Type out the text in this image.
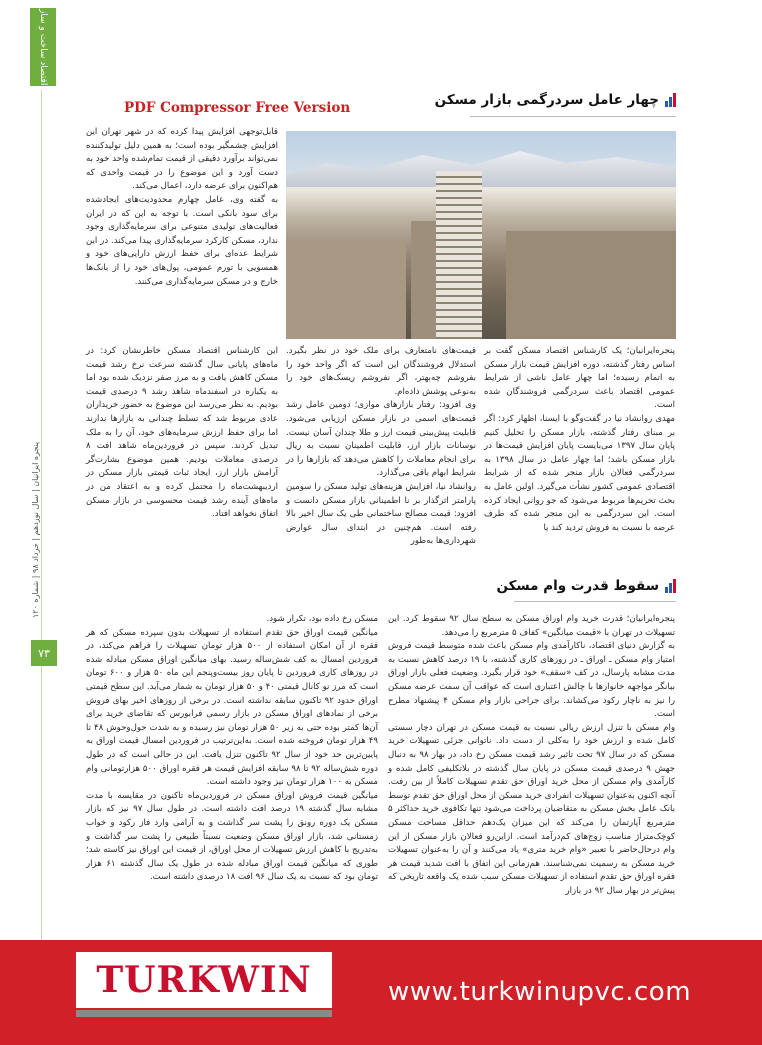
اقتصاد ساخت و ساز
پنجره ایرانیان | سال نوزدهم | خرداد ۹۸ | شماره ۱۲۰
۷۳
PDF Compressor Free Version	چهار عامل سردرگمی بازار مسکن

پنجره‌ایرانیان؛ یک کارشناس اقتصاد مسکن گفت بر اساس رفتار گذشته، دوره افزایش قیمت بازار مسکن به اتمام رسیده؛ اما چهار عامل ناشی از شرایط عمومی اقتصاد باعث سردرگمی فروشندگان شده است.

مهدی روانشاد نیا در گفت‌وگو با ایسنا، اظهار کرد: اگر بر مبنای رفتار گذشته، بازار مسکن را تحلیل کنیم پایان سال ۱۳۹۷ می‌بایست پایان افزایش قیمت‌ها در بازار مسکن باشد؛ اما چهار عامل در سال ۱۳۹۸ به سردرگمی فعالان بازار منجر شده که از شرایط اقتصادی عمومی کشور نشأت می‌گیرد. اولین عامل به بحث تحریم‌ها مربوط می‌شود که جو روانی ایجاد کرده است. این سردرگمی به این منجر شده که طرف عرضه با نسبت به فروش تردید کند یا

قیمت‌های نامتعارف برای ملک خود در نظر بگیرد. استدلال فروشندگان این است که اگر واحد خود را بفروشم چه‌بهتر، اگر نفروشم ریسک‌های خود را به‌نوعی پوشش داده‌ام.

وی افزود: رفتار بازارهای موازی؛ دومین عامل رشد قیمت‌های اسمی در بازار مسکن ارزیابی می‌شود. قابلیت پیش‌بینی قیمت ارز و طلا چندان آسان نیست. نوسانات بازار ارز، قابلیت اطمینان نسبت به ریال برای انجام معاملات را کاهش می‌دهد که بازارها را در شرایط ابهام باقی می‌گذارد.

روانشاد نیا، افزایش هزینه‌های تولید مسکن را سومین پارامتر اثرگذار بر نا اطمینانی بازار مسکن دانست و افزود: قیمت مصالح ساختمانی طی یک سال اخیر بالا رفته است. هم‌چنین در ابتدای سال عوارض شهرداری‌ها به‌طور

قابل‌توجهی افزایش پیدا کرده که در شهر تهران این افزایش چشمگیر بوده است؛ به همین دلیل تولیدکننده نمی‌تواند برآورد دقیقی از قیمت تمام‌شده واحد خود به دست آورد و این موضوع را در قیمت واحدی که هم‌اکنون برای عرضه دارد، اعمال می‌کند.

به گفته وی، عامل چهارم محدودیت‌های ایجاد‌شده برای سود بانکی است. با توجه به این که در ایران فعالیت‌های تولیدی متنوعی برای سرمایه‌گذاری وجود ندارد، مسکن کارکرد سرمایه‌گذاری پیدا می‌کند. در این شرایط عده‌ای برای حفظ ارزش دارایی‌های خود و همسویی با تورم عمومی، پول‌های خود را از بانک‌ها خارج و در مسکن سرمایه‌گذاری می‌کنند.

این کارشناس اقتصاد مسکن خاطرنشان کرد: در ماه‌های پایانی سال گذشته سرعت نرخ رشد قیمت مسکن کاهش یافت و به مرز صفر نزدیک شده بود اما به یکباره در اسفندماه شاهد رشد ۹ درصدی قیمت بودیم. به نظر می‌رسد این موضوع به حضور خریداران عادی مربوط شد که تسلط چندانی به بازارها ندارند اما برای حفظ ارزش سرمایه‌های خود، آن را به ملک تبدیل کردند. سپس در فروردین‌ماه شاهد افت ۸ درصدی معاملات بودیم. همین موضوع بشارت‌گر آرامش بازار ارز، ایجاد ثبات قیمتی بازار مسکن در اردیبهشت‌ماه را محتمل کرده و به اعتقاد من در ماه‌های آینده رشد قیمت محسوسی در بازار مسکن اتفاق نخواهد افتاد.

سقوط قدرت وام مسکن

پنجره‌ایرانیان؛ قدرت خرید وام اوراق مسکن به سطح سال ۹۲ سقوط کرد. این تسهیلات در تهران با «قیمت میانگین» کفاف ۵ مترمربع را می‌دهد.

به گزارش دنیای اقتصاد، ناکارآمدی وام مسکن باعث شده متوسط قیمت فروش امتیاز وام مسکن ـ اوراق ـ در روزهای کاری گذشته، با ۱۹ درصد کاهش نسبت به مدت مشابه پارسال، در کف «سقف» خود قرار بگیرد. وضعیت فعلی بازار اوراق بیانگر مواجهه خانوارها با چالش اعتباری است که عواقب آن سمت عرضه مسکن را نیز به ناچار رکود می‌کشاند. برای جراحی بازار وام مسکن ۴ پیشنهاد مطرح است.

وام مسکن با تنزل ارزش ریالی نسبت به قیمت مسکن در تهران دچار سستی کامل شده و ارزش خود را به‌کلی از دست داد. ناتوانی جزئی تسهیلات خرید مسکن که در سال ۹۷ تحت تاثیر رشد قیمت مسکن رخ داد، در بهار ۹۸ به دنبال جهش ۹ درصدی قیمت مسکن در پایان سال گذشته در بلاتکلیفی کامل شده و کارآمدی وام مسکن از محل خرید اوراق حق تقدم تسهیلات کاملاً از بین رفت. آنچه اکنون به‌عنوان تسهیلات انفرادی خرید مسکن از محل اوراق حق تقدم توسط بانک عامل بخش مسکن به متقاضیان پرداخت می‌شود تنها تکافوی خرید حداکثر ۵ مترمربع آپارتمان را می‌کند که این میزان یک‌دهم حداقل مساحت مسکن کوچک‌متراژ مناسب زوج‌های کم‌درآمد است. ازاین‌رو فعالان بازار مسکن از این وام درحال‌حاضر با تعبیر «وام خرید متری» یاد می‌کنند و آن را به‌عنوان تسهیلات خرید مسکن به رسمیت نمی‌شناسند. هم‌زمانی این اتفاق با افت شدید قیمت هر فقره اوراق حق تقدم استفاده از تسهیلات مسکن سبب شده یک واقعه تاریخی که پیش‌تر در بهار سال ۹۲ در بازار

مسکن رخ داده بود، تکرار شود.

میانگین قیمت اوراق حق تقدم استفاده از تسهیلات بدون سپرده مسکن که هر فقره از آن امکان استفاده از ۵۰۰ هزار تومان تسهیلات را فراهم می‌کند، در فروردین امسال به کف شش‌ساله رسید. بهای میانگین اوراق مسکن مبادله شده در روزهای کاری فروردین تا پایان روز بیست‌وپنجم این ماه ۵۰ هزار و ۶۰۰ تومان است که مرز نو کانال قیمتی ۴۰ و ۵۰ هزار تومان به شمار می‌آید. این سطح قیمتی اوراق حدود ۹۲ تاکنون سابقه نداشته است. در برخی از روزهای اخیر بهای فروش برخی از نمادهای اوراق مسکن در بازار رسمی فرابورس که تقاضای خرید برای آن‌ها کمتر بوده حتی به زیر ۵۰ هزار تومان نیز رسیده و به شدت حول‌وحوش ۴۸ تا ۴۹ هزار تومان فروخته شده است. به‌این‌ترتیب در فروردین امسال قیمت اوراق به پایین‌ترین حد خود از سال ۹۲ تاکنون تنزل یافت. این در حالی است که در طول دوره شش‌ساله ۹۲ تا ۹۸ سابقه افزایش قیمت هر فقره اوراق ۵۰۰ هزارتومانی وام مسکن به ۱۰۰ هزار تومان نیز وجود داشته است.

میانگین قیمت فروش اوراق مسکن در فروردین‌ماه تاکنون در مقایسه با مدت مشابه سال گذشته ۱۹ درصد افت داشته است. در طول سال ۹۷ نیز که بازار مسکن یک دوره رونق را پشت سر گذاشت و به آرامی وارد فاز رکود و خواب زمستانی شد، بازار اوراق مسکن وضعیت نسبتاً طبیعی را پشت سر گذاشت و به‌تدریج با کاهش ارزش تسهیلات از محل اوراق، از قیمت این اوراق نیز کاسته شد؛ طوری که میانگین قیمت اوراق مبادله شده در طول یک سال گذشته ۶۱ هزار تومان بود که نسبت به یک سال ۹۶ افت ۱۸ درصدی داشته است.

TURKWIN	www.turkwinupvc.com
